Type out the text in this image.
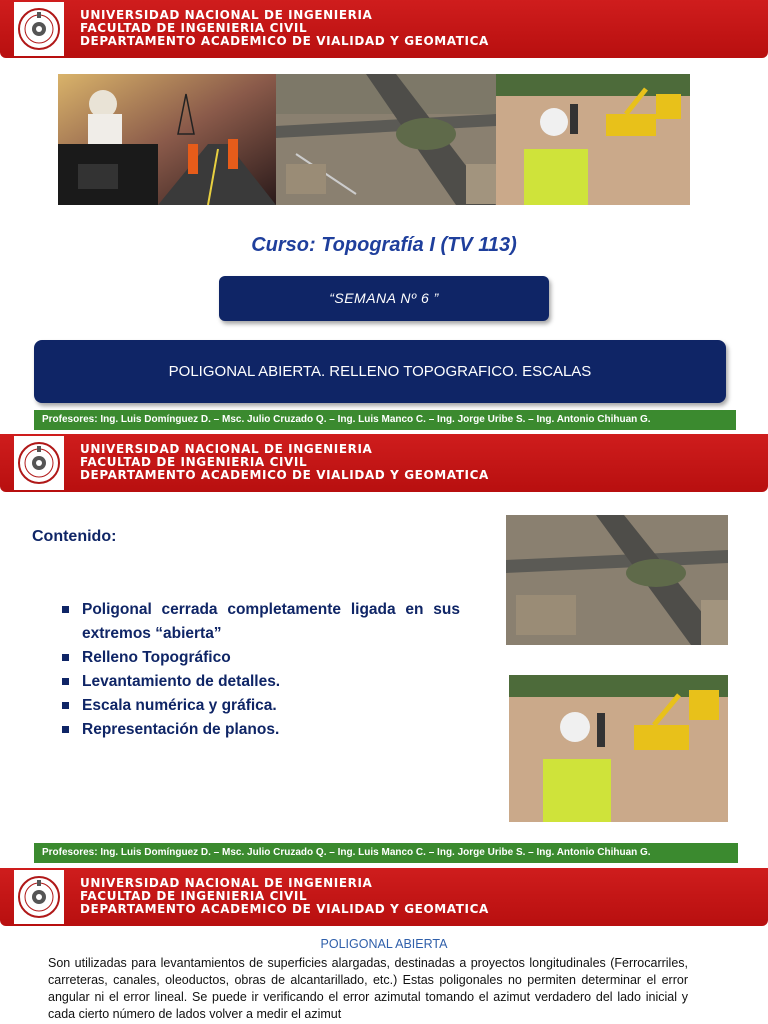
UNIVERSIDAD NACIONAL DE INGENIERIA
FACULTAD DE INGENIERIA CIVIL
DEPARTAMENTO ACADEMICO DE VIALIDAD Y GEOMATICA
Curso: Topografía I (TV 113)
“SEMANA Nº 6 ”
POLIGONAL ABIERTA. RELLENO TOPOGRAFICO. ESCALAS
Profesores: Ing. Luis Domínguez D. – Msc. Julio Cruzado Q. – Ing. Luis Manco C. – Ing. Jorge Uribe S. – Ing. Antonio Chihuan G.
UNIVERSIDAD NACIONAL DE INGENIERIA
FACULTAD DE INGENIERIA CIVIL
DEPARTAMENTO ACADEMICO DE VIALIDAD Y GEOMATICA
Contenido:
Poligonal cerrada completamente ligada en sus extremos “abierta”
Relleno Topográfico
Levantamiento de detalles.
Escala numérica y gráfica.
Representación de planos.
Profesores: Ing. Luis Domínguez D. – Msc. Julio Cruzado Q. – Ing. Luis Manco C. – Ing. Jorge Uribe S. – Ing. Antonio Chihuan G.
UNIVERSIDAD NACIONAL DE INGENIERIA
FACULTAD DE INGENIERIA CIVIL
DEPARTAMENTO ACADEMICO DE VIALIDAD Y GEOMATICA
POLIGONAL ABIERTA
Son utilizadas para levantamientos de superficies alargadas, destinadas a proyectos longitudinales (Ferrocarriles, carreteras, canales, oleoductos, obras de alcantarillado, etc.) Estas poligonales no permiten determinar el error angular ni el error lineal. Se puede ir verificando el error azimutal tomando el azimut verdadero del lado inicial y cada cierto número de lados volver a medir el azimut
